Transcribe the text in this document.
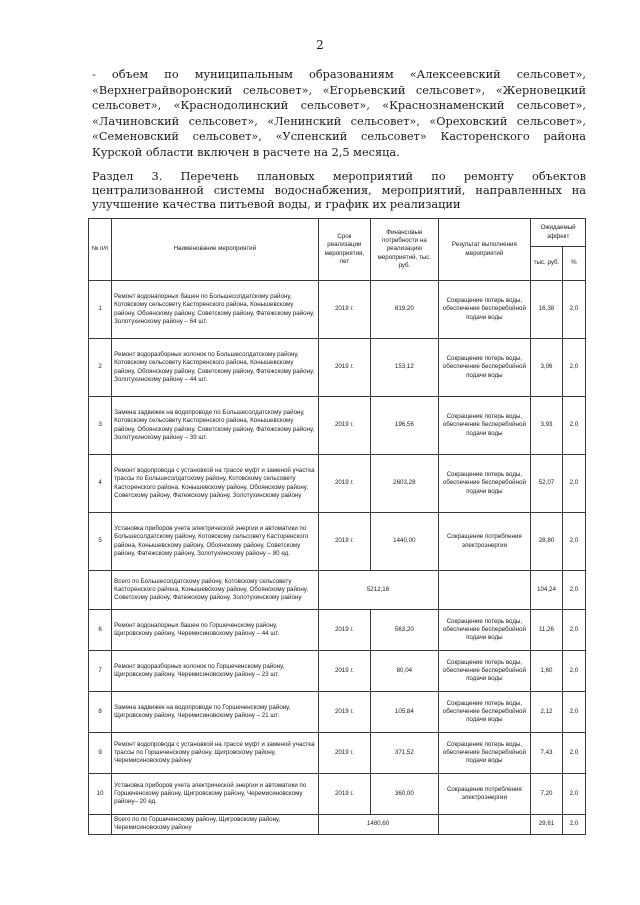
2
- объем по муниципальным образованиям «Алексеевский сельсовет», «Верхнеграйворонский сельсовет», «Егорьевский сельсовет», «Жерновецкий сельсовет», «Краснодолинский сельсовет», «Краснознаменский сельсовет», «Лачиновский сельсовет», «Ленинский сельсовет», «Ореховский сельсовет», «Семеновский сельсовет», «Успенский сельсовет» Касторенского района Курской области включен в расчете на 2,5 месяца.
Раздел 3. Перечень плановых мероприятий по ремонту объектов централизованной системы водоснабжения, мероприятий, направленных на улучшение качества питьевой воды, и график их реализации
№ п/п	Наименование мероприятий	Срок реализации мероприятия, лет	Финансовые потребности на реализацию мероприятий, тыс. руб.	Результат выполнения мероприятий	Ожидаемый эффект	
					тыс. руб.	%
1	Ремонт водонапорных башен по Большесолдатскому району, Котовскому сельсовету Касторенского района, Конышевскому району, Обоянскому району, Советскому району, Фатежскому району, Золотухинскому району – 64 шт.	2019 г.	819,20	Сокращение потерь воды, обеспечение бесперебойной подачи воды	16,38	2,0
2	Ремонт водоразборных колонок по Большесолдатскому району, Котовскому сельсовету Касторенского района, Конышевскому району, Обоянскому району, Советскому району, Фатежскому району, Золотухинскому району – 44 шт.	2019 г.	153,12	Сокращение потерь воды, обеспечение бесперебойной подачи воды	3,06	2,0
3	Замена задвижек на водопроводе по Большесолдатскому району, Котовскому сельсовету Касторенского района, Конышевскому району, Обоянскому району, Советскому району, Фатежскому району, Золотухинскому району – 39 шт.	2019 г.	196,56	Сокращение потерь воды, обеспечение бесперебойной подачи воды	3,93	2,0
4	Ремонт водопровода с установкой на трассе муфт и заменой участка трассы по Большесолдатскому району, Котовскому сельсовету Касторенского района, Конышевскому району, Обоянскому району, Советскому району, Фатежскому району, Золотухинскому району	2019 г.	2603,28	Сокращение потерь воды, обеспечение бесперебойной подачи воды	52,07	2,0
5	Установка приборов учета электрической энергии и автоматики по Большесолдатскому району, Котовскому сельсовету Касторенского района, Конышевскому району, Обоянскому району, Советскому району, Фатежскому району, Золотухинскому району – 80 ед.	2019 г.	1440,00	Сокращение потребления электроэнергии	28,80	2,0
	Всего по Большесолдатскому району, Котовскому сельсовету Касторенского района, Конышевскому району, Обоянскому району, Советскому району, Фатежскому району, Золотухинскому району	5212,16			104,24	2,0
6	Ремонт водонапорных башен по Горшеченскому району, Щигровскому району, Черемисиновскому району – 44 шт.	2019 г.	563,20	Сокращение потерь воды, обеспечение бесперебойной подачи воды	11,26	2,0
7	Ремонт водоразборных колонок по Горшеченскому району, Щигровскому району, Черемисиновскому району – 23 шт.	2019 г.	80,04	Сокращение потерь воды, обеспечение бесперебойной подачи воды	1,60	2,0
8	Замена задвижек на водопроводе по Горшеченскому району, Щигровскому району, Черемисиновскому району – 21 шт.	2019 г.	105,84	Сокращение потерь воды, обеспечение бесперебойной подачи воды	2,12	2,0
9	Ремонт водопровода с установкой на трассе муфт и заменой участка трассы по Горшеченскому району, Щигровскому району, Черемисиновскому району	2019 г.	371,52	Сокращение потерь воды, обеспечение бесперебойной подачи воды	7,43	2,0
10	Установка приборов учета электрической энергии и автоматики по Горшеченскому району, Щигровскому району, Черемисиновскому району– 20 ед.	2019 г.	360,00	Сокращение потребления электроэнергии	7,20	2,0
	Всего по по Горшеченскому району, Щигровскому району, Черемисиновскому району	1480,60			29,61	2,0
